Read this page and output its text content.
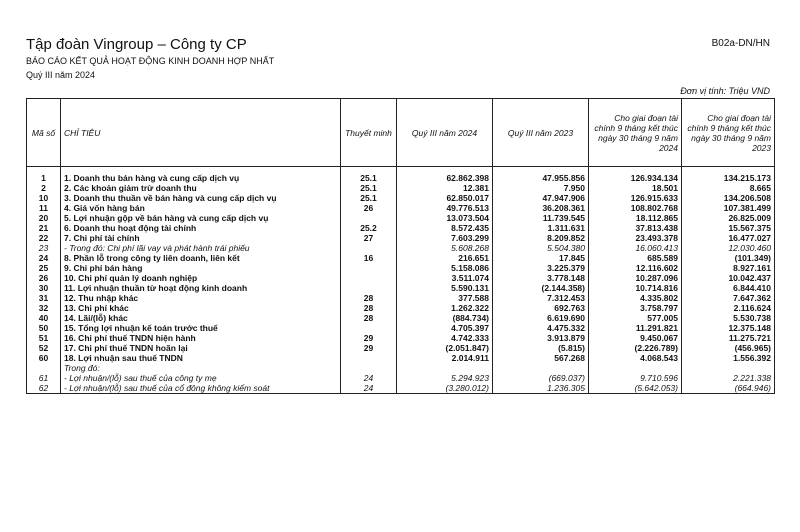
Tập đoàn Vingroup – Công ty CP	B02a-DN/HN
BÁO CÁO KẾT QUẢ HOẠT ĐỘNG KINH DOANH HỢP NHẤT
Quý III năm 2024
Đơn vị tính: Triệu VND
Mã số	CHỈ TIÊU	Thuyết minh	Quý III năm 2024	Quý III năm 2023	Cho giai đoạn tài chính 9 tháng kết thúc ngày 30 tháng 9 năm 2024	Cho giai đoạn tài chính 9 tháng kết thúc ngày 30 tháng 9 năm 2023

1	1. Doanh thu bán hàng và cung cấp dịch vụ	25.1	62.862.398	47.955.856	126.934.134	134.215.173
2	2. Các khoản giảm trừ doanh thu	25.1	12.381	7.950	18.501	8.665
10	3. Doanh thu thuần về bán hàng và cung cấp dịch vụ	25.1	62.850.017	47.947.906	126.915.633	134.206.508
11	4. Giá vốn hàng bán	26	49.776.513	36.208.361	108.802.768	107.381.499
20	5. Lợi nhuận gộp về bán hàng và cung cấp dịch vụ		13.073.504	11.739.545	18.112.865	26.825.009
21	6. Doanh thu hoạt động tài chính	25.2	8.572.435	1.311.631	37.813.438	15.567.375
22	7. Chi phí tài chính	27	7.603.299	8.209.852	23.493.378	16.477.027
23	- Trong đó: Chi phí lãi vay và phát hành trái phiếu		5.608.268	5.504.380	16.060.413	12.030.460
24	8. Phần lỗ trong công ty liên doanh, liên kết	16	216.651	17.845	685.589	(101.349)
25	9. Chi phí bán hàng		5.158.086	3.225.379	12.116.602	8.927.161
26	10. Chi phí quản lý doanh nghiệp		3.511.074	3.778.148	10.287.096	10.042.437
30	11. Lợi nhuận thuần từ hoạt động kinh doanh		5.590.131	(2.144.358)	10.714.816	6.844.410
31	12. Thu nhập khác	28	377.588	7.312.453	4.335.802	7.647.362
32	13. Chi phí khác	28	1.262.322	692.763	3.758.797	2.116.624
40	14. Lãi/(lỗ) khác	28	(884.734)	6.619.690	577.005	5.530.738
50	15. Tổng lợi nhuận kế toán trước thuế		4.705.397	4.475.332	11.291.821	12.375.148
51	16. Chi phí thuế TNDN hiện hành	29	4.742.333	3.913.879	9.450.067	11.275.721
52	17. Chi phí thuế TNDN hoãn lại	29	(2.051.847)	(5.815)	(2.226.789)	(456.965)
60	18. Lợi nhuận sau thuế TNDN		2.014.911	567.268	4.068.543	1.556.392
	Trong đó:					
61	- Lợi nhuận/(lỗ) sau thuế của công ty mẹ	24	5.294.923	(669.037)	9.710.596	2.221.338
62	- Lợi nhuận/(lỗ) sau thuế của cổ đông không kiểm soát	24	(3.280.012)	1.236.305	(5.642.053)	(664.946)
